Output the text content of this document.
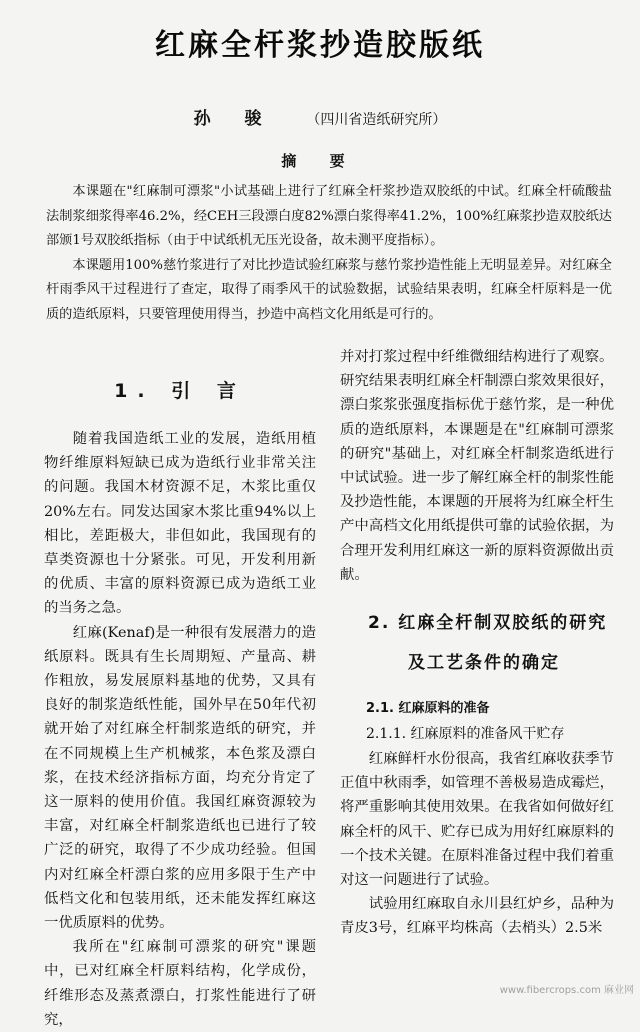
红麻全杆浆抄造胶版纸
孙 骏 （四川省造纸研究所）
摘 要

本课题在"红麻制可漂浆"小试基础上进行了红麻全杆浆抄造双胶纸的中试。红麻全杆硫酸盐法制浆细浆得率46.2%，经CEH三段漂白度82%漂白浆得率41.2%，100%红麻浆抄造双胶纸达部颁1号双胶纸指标（由于中试纸机无压光设备，故未测平度指标）。

本课题用100%慈竹浆进行了对比抄造试验红麻浆与慈竹浆抄造性能上无明显差异。对红麻全杆雨季风干过程进行了查定，取得了雨季风干的试验数据，试验结果表明，红麻全杆原料是一优质的造纸原料，只要管理使用得当，抄造中高档文化用纸是可行的。

1. 引 言

随着我国造纸工业的发展，造纸用植物纤维原料短缺已成为造纸行业非常关注的问题。我国木材资源不足，木浆比重仅20%左右。同发达国家木浆比重94%以上相比，差距极大，非但如此，我国现有的草类资源也十分紧张。可见，开发利用新的优质、丰富的原料资源已成为造纸工业的当务之急。

红麻(Kenaf)是一种很有发展潜力的造纸原料。既具有生长周期短、产量高、耕作粗放，易发展原料基地的优势，又具有良好的制浆造纸性能，国外早在50年代初就开始了对红麻全杆制浆造纸的研究，并在不同规模上生产机械浆，本色浆及漂白浆，在技术经济指标方面，均充分肯定了这一原料的使用价值。我国红麻资源较为丰富，对红麻全杆制浆造纸也已进行了较广泛的研究，取得了不少成功经验。但国内对红麻全杆漂白浆的应用多限于生产中低档文化和包装用纸，还未能发挥红麻这一优质原料的优势。

我所在"红麻制可漂浆的研究"课题中，已对红麻全杆原料结构，化学成份，纤维形态及蒸煮漂白，打浆性能进行了研究，

并对打浆过程中纤维微细结构进行了观察。

研究结果表明红麻全杆制漂白浆效果很好，漂白浆浆张强度指标优于慈竹浆，是一种优质的造纸原料，本课题是在"红麻制可漂浆的研究"基础上，对红麻全杆制浆造纸进行中试试验。进一步了解红麻全杆的制浆性能及抄造性能，本课题的开展将为红麻全杆生产中高档文化用纸提供可靠的试验依据，为合理开发利用红麻这一新的原料资源做出贡献。

2. 红麻全杆制双胶纸的研究
及工艺条件的确定
2.1. 红麻原料的准备
2.1.1. 红麻原料的准备风干贮存

红麻鲜杆水份很高，我省红麻收获季节正值中秋雨季，如管理不善极易造成霉烂，将严重影响其使用效果。在我省如何做好红麻全杆的风干、贮存已成为用好红麻原料的一个技术关键。在原料准备过程中我们着重对这一问题进行了试验。

试验用红麻取自永川县红炉乡，品种为青皮3号，红麻平均株高（去梢头）2.5米

www.fibercrops.com 麻业网
